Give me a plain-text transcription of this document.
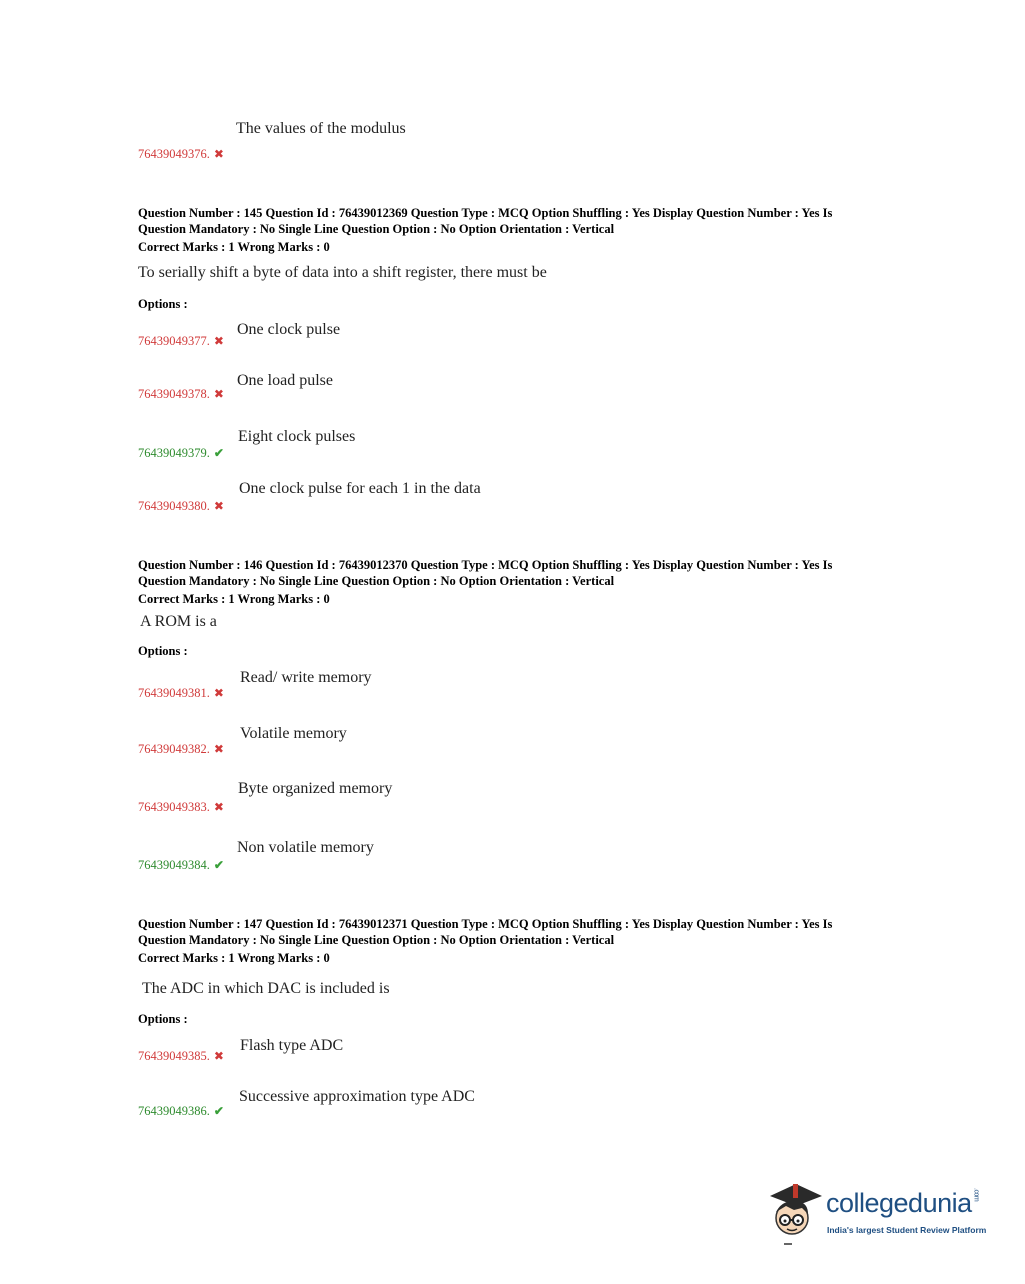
The values of the modulus
76439049376. ✖
Question Number : 145 Question Id : 76439012369 Question Type : MCQ Option Shuffling : Yes Display Question Number : Yes Is
Question Mandatory : No Single Line Question Option : No Option Orientation : Vertical
Correct Marks : 1 Wrong Marks : 0
To serially shift a byte of data into a shift register, there must be
Options :
One clock pulse
76439049377. ✖
One load pulse
76439049378. ✖
Eight clock pulses
76439049379. ✔
One clock pulse for each 1 in the data
76439049380. ✖
Question Number : 146 Question Id : 76439012370 Question Type : MCQ Option Shuffling : Yes Display Question Number : Yes Is
Question Mandatory : No Single Line Question Option : No Option Orientation : Vertical
Correct Marks : 1 Wrong Marks : 0
A ROM is a
Options :
Read/ write memory
76439049381. ✖
Volatile memory
76439049382. ✖
Byte organized memory
76439049383. ✖
Non volatile memory
76439049384. ✔
Question Number : 147 Question Id : 76439012371 Question Type : MCQ Option Shuffling : Yes Display Question Number : Yes Is
Question Mandatory : No Single Line Question Option : No Option Orientation : Vertical
Correct Marks : 1 Wrong Marks : 0
The ADC in which DAC is included is
Options :
Flash type ADC
76439049385. ✖
Successive approximation type ADC
76439049386. ✔
collegedunia.com
India's largest Student Review Platform
